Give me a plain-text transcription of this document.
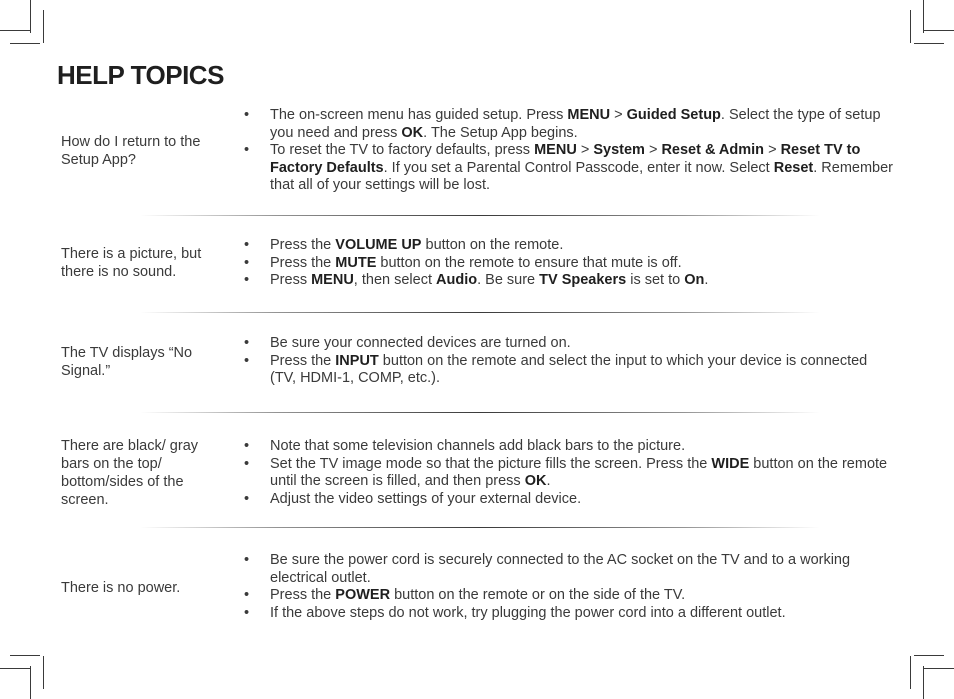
HELP TOPICS
How do I return to the Setup App?
• The on-screen menu has guided setup. Press MENU > Guided Setup. Select the type of setup you need and press OK. The Setup App begins.
• To reset the TV to factory defaults, press MENU > System > Reset & Admin > Reset TV to Factory Defaults. If you set a Parental Control Passcode, enter it now. Select Reset. Remember that all of your settings will be lost.
There is a picture, but there is no sound.
• Press the VOLUME UP button on the remote.
• Press the MUTE button on the remote to ensure that mute is off.
• Press MENU, then select Audio. Be sure TV Speakers is set to On.
The TV displays “No Signal.”
• Be sure your connected devices are turned on.
• Press the INPUT button on the remote and select the input to which your device is connected (TV, HDMI-1, COMP, etc.).
There are black/ gray bars on the top/ bottom/sides of the screen.
• Note that some television channels add black bars to the picture.
• Set the TV image mode so that the picture fills the screen. Press the WIDE button on the remote until the screen is filled, and then press OK.
• Adjust the video settings of your external device.
There is no power.
• Be sure the power cord is securely connected to the AC socket on the TV and to a working electrical outlet.
• Press the POWER button on the remote or on the side of the TV.
• If the above steps do not work, try plugging the power cord into a different outlet.
